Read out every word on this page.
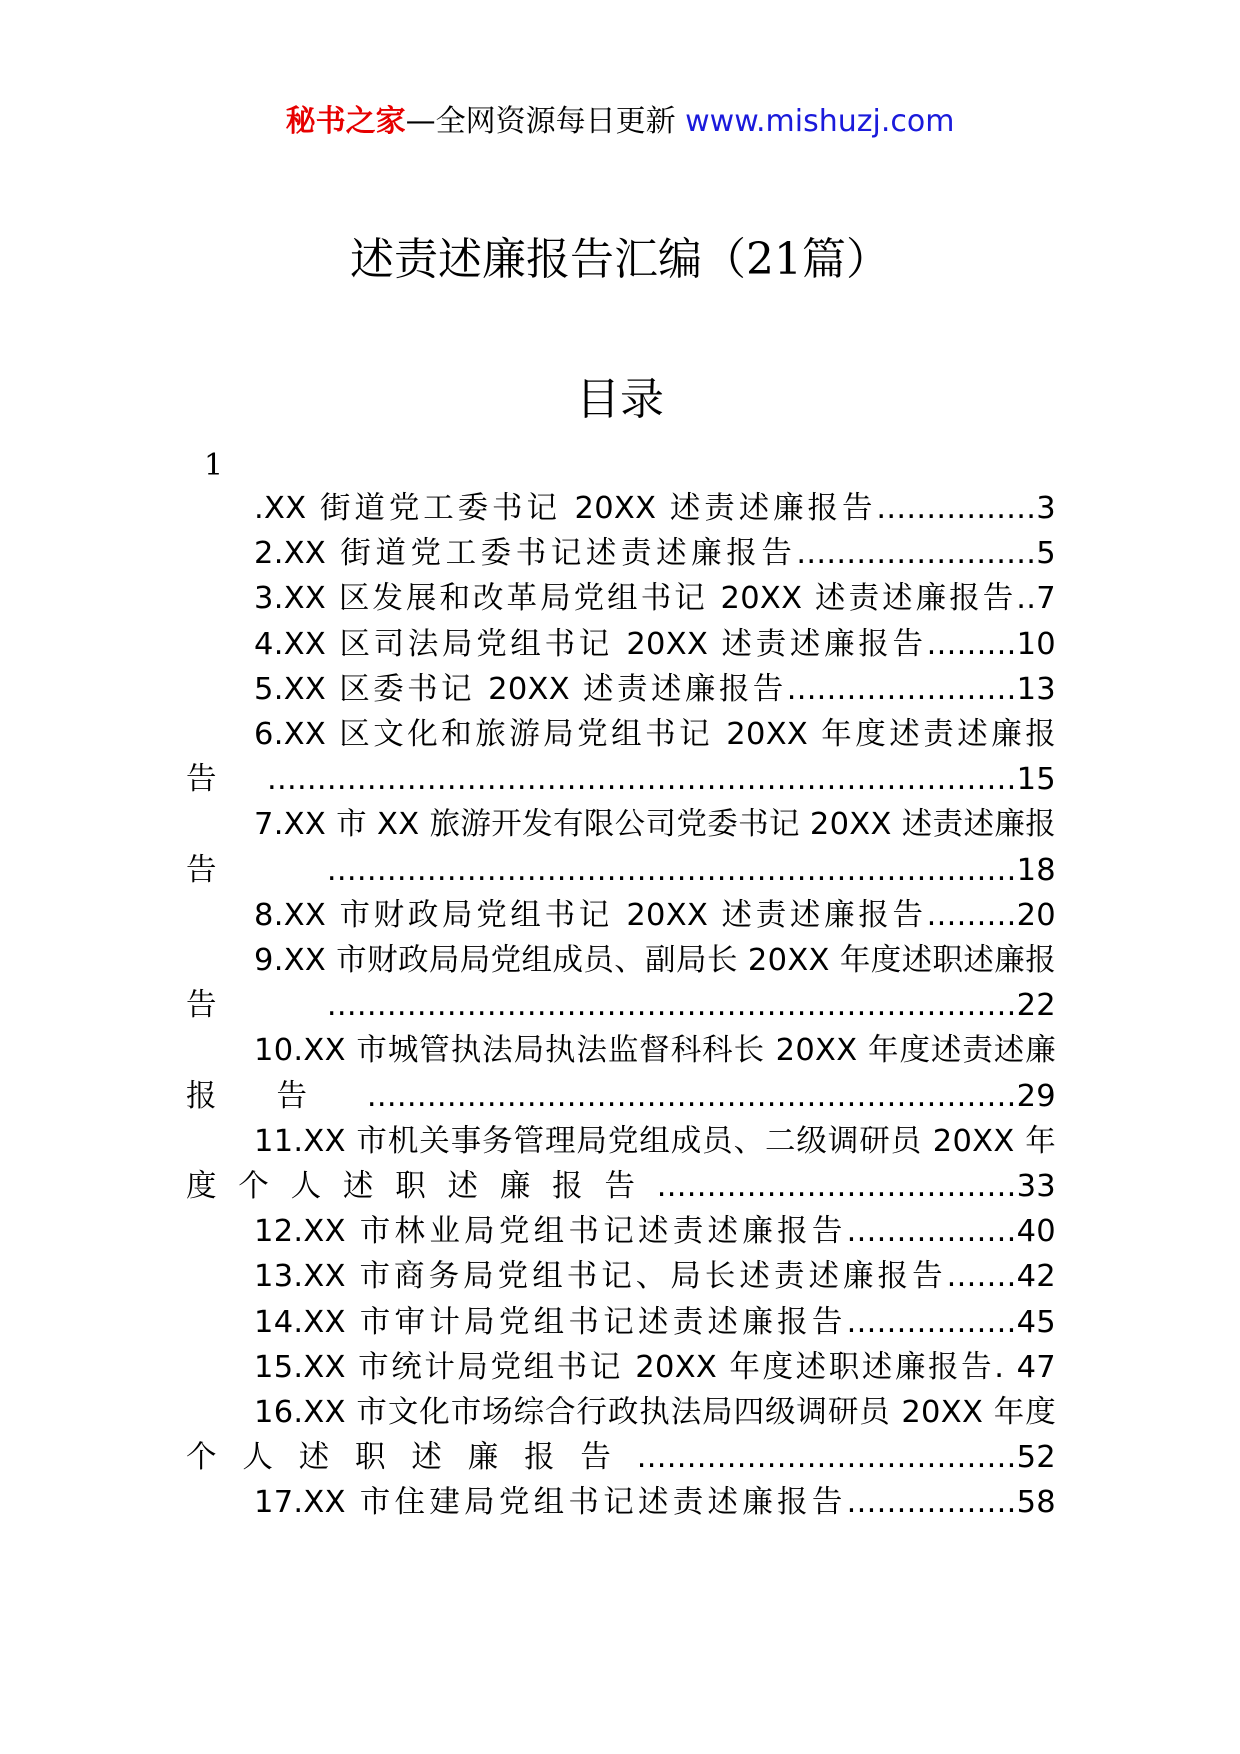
秘书之家—全网资源每日更新 www.mishuzj.com
述责述廉报告汇编（21篇）
目录
1
.XX 街道党工委书记 20XX 述责述廉报告................3
2.XX 街道党工委书记述责述廉报告........................5
3.XX 区发展和改革局党组书记 20XX 述责述廉报告..7
4.XX 区司法局党组书记 20XX 述责述廉报告.........10
5.XX 区委书记 20XX 述责述廉报告.......................13
6.XX 区文化和旅游局党组书记 20XX 年度述责述廉报告...........................................................................15
7.XX 市 XX 旅游开发有限公司党委书记 20XX 述责述廉报告.....................................................................18
8.XX 市财政局党组书记 20XX 述责述廉报告.........20
9.XX 市财政局局党组成员、副局长 20XX 年度述职述廉报告.....................................................................22
10.XX 市城管执法局执法监督科科长 20XX 年度述责述廉报告.................................................................29
11.XX 市机关事务管理局党组成员、二级调研员 20XX 年度个人述职述廉报告....................................33
12.XX 市林业局党组书记述责述廉报告.................40
13.XX 市商务局党组书记、局长述责述廉报告.......42
14.XX 市审计局党组书记述责述廉报告.................45
15.XX 市统计局党组书记 20XX 年度述职述廉报告. 47
16.XX 市文化市场综合行政执法局四级调研员 20XX 年度个人述职述廉报告......................................52
17.XX 市住建局党组书记述责述廉报告.................58
